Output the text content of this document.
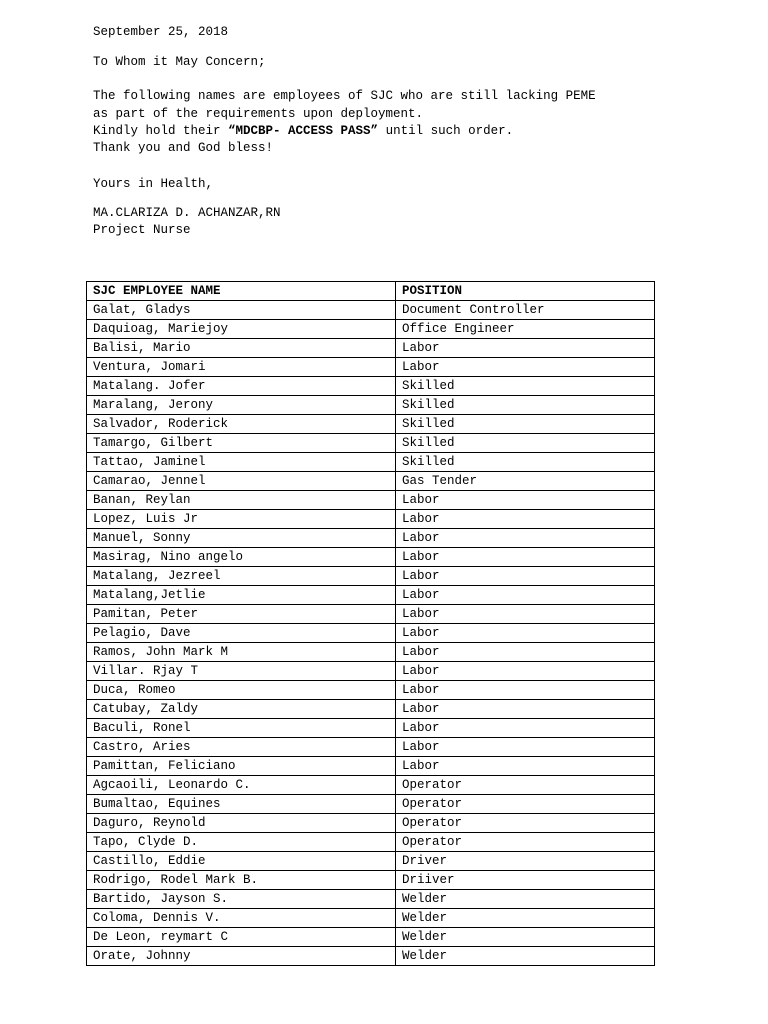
September 25, 2018
To Whom it May Concern;
The following names are employees of SJC who are still lacking PEME
as part of the requirements upon deployment.
Kindly hold their “MDCBP- ACCESS PASS” until such order.
Thank you and God bless!
Yours in Health,
MA.CLARIZA D. ACHANZAR,RN
Project Nurse
SJC EMPLOYEE NAME	POSITION
Galat, Gladys	Document Controller
Daquioag, Mariejoy	Office Engineer
Balisi, Mario	Labor
Ventura, Jomari	Labor
Matalang. Jofer	Skilled
Maralang, Jerony	Skilled
Salvador, Roderick	Skilled
Tamargo, Gilbert	Skilled
Tattao, Jaminel	Skilled
Camarao, Jennel	Gas Tender
Banan, Reylan	Labor
Lopez, Luis Jr	Labor
Manuel, Sonny	Labor
Masirag, Nino angelo	Labor
Matalang, Jezreel	Labor
Matalang,Jetlie	Labor
Pamitan, Peter	Labor
Pelagio, Dave	Labor
Ramos, John Mark M	Labor
Villar. Rjay T	Labor
Duca, Romeo	Labor
Catubay, Zaldy	Labor
Baculi, Ronel	Labor
Castro, Aries	Labor
Pamittan, Feliciano	Labor
Agcaoili, Leonardo C.	Operator
Bumaltao, Equines	Operator
Daguro, Reynold	Operator
Tapo, Clyde D.	Operator
Castillo, Eddie	Driver
Rodrigo, Rodel Mark B.	Driiver
Bartido, Jayson S.	Welder
Coloma, Dennis V.	Welder
De Leon, reymart C	Welder
Orate, Johnny	Welder
